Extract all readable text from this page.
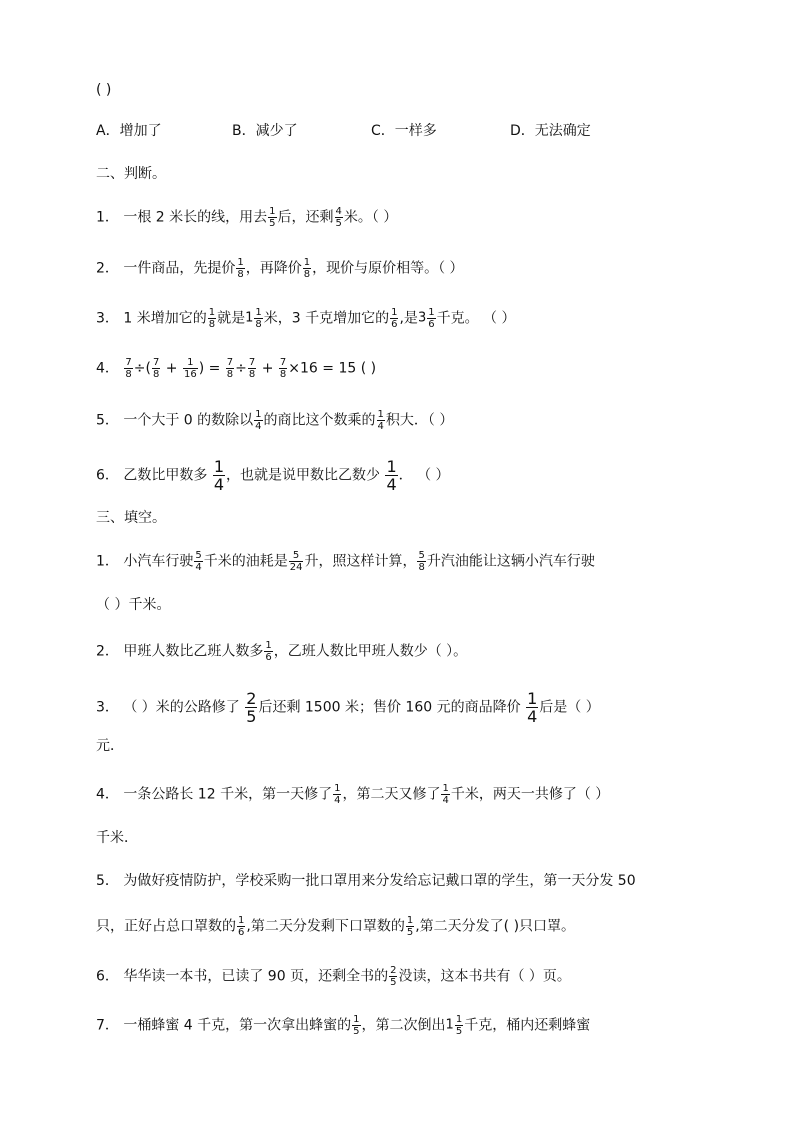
( )
A．增加了	B．减少了	C．一样多	D．无法确定
二、判断。
1． 一根 2 米长的线，用去 $\frac{1}{5}$ 后，还剩 $\frac{4}{5}$ 米。（ ）
2． 一件商品，先提价 $\frac{1}{8}$ ，再降价 $\frac{1}{8}$ ，现价与原价相等。（ ）
3． 1 米增加它的 $\frac{1}{8}$ 就是$1 \frac{1}{8}$ 米，3 千克增加它的 $\frac{1}{6}$ ,是$3 \frac{1}{6}$ 千克。 （ ）
4． $\frac{7}{8}$ ÷( $\frac{7}{8} + \frac{1}{16}$ ) = $\frac{7}{8} \div \frac{7}{8} + \frac{7}{8} \times 16 = 15$ ( )
5． 一个大于 0 的数除以 $\frac{1}{4}$ 的商比这个数乘的 $\frac{1}{4}$ 积大．（ ）
6． 乙数比甲数多 $\frac{1}{4}$ ，也就是说甲数比乙数少 $\frac{1}{4}$ ． （ ）
三、填空。
1． 小汽车行驶 $\frac{5}{4}$ 千米的油耗是 $\frac{5}{24}$ 升，照这样计算， $\frac{5}{8}$ 升汽油能让这辆小汽车行驶
（ ）千米。
2． 甲班人数比乙班人数多 $\frac{1}{6}$ ，乙班人数比甲班人数少（ ）。
3． （ ）米的公路修了 $\frac{2}{5}$ 后还剩 1500 米；售价 160 元的商品降价 $\frac{1}{4}$ 后是（ ）
元．
4． 一条公路长 12 千米，第一天修了 $\frac{1}{4}$ ，第二天又修了 $\frac{1}{4}$ 千米，两天一共修了（ ）
千米．
5． 为做好疫情防护，学校采购一批口罩用来分发给忘记戴口罩的学生，第一天分发 50
只，正好占总口罩数的 $\frac{1}{6}$ ,第二天分发剩下口罩数的 $\frac{1}{5}$ ,第二天分发了( )只口罩。
6． 华华读一本书，已读了 90 页，还剩全书的 $\frac{2}{5}$ 没读，这本书共有（ ）页。
7． 一桶蜂蜜 4 千克，第一次拿出蜂蜜的 $\frac{1}{5}$ ，第二次倒出$1 \frac{1}{5}$ 千克，桶内还剩蜂蜜
